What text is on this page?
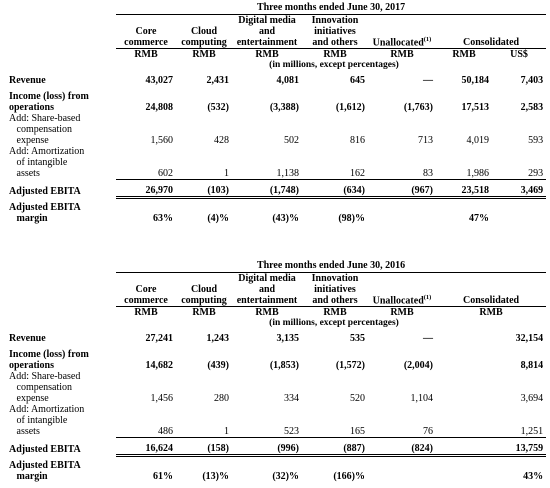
	Three months ended June 30, 2017						
	Core
commerce	Cloud
computing	Digital media
and
entertainment	Innovation
initiatives
and others	Unallocated$^{(1)}$	Consolidated	
	RMB	RMB	RMB	RMB	RMB	RMB	US$
			(in millions, except percentages)				
Revenue	43,027	2,431	4,081	645	—	50,184	7,403
Income (loss) from
operations	24,808	(532)	(3,388)	(1,612)	(1,763)	17,513	2,583
Add: Share-based
compensation
expense	1,560	428	502	816	713	4,019	593
Add: Amortization
of intangible
assets	602	1	1,138	162	83	1,986	293
Adjusted EBITA	26,970	(103)	(1,748)	(634)	(967)	23,518	3,469
Adjusted EBITA
margin	63%	(4)%	(43)%	(98)%		47%	
	Three months ended June 30, 2016						
	Core
commerce	Cloud
computing	Digital media
and
entertainment	Innovation
initiatives
and others	Unallocated$^{(1)}$	Consolidated	
	RMB	RMB	RMB	RMB	RMB	RMB	
			(in millions, except percentages)				
Revenue	27,241	1,243	3,135	535	—	32,154	
Income (loss) from
operations	14,682	(439)	(1,853)	(1,572)	(2,004)	8,814	
Add: Share-based
compensation
expense	1,456	280	334	520	1,104	3,694	
Add: Amortization
of intangible
assets	486	1	523	165	76	1,251	
Adjusted EBITA	16,624	(158)	(996)	(887)	(824)	13,759	
Adjusted EBITA
margin	61%	(13)%	(32)%	(166)%		43%	
